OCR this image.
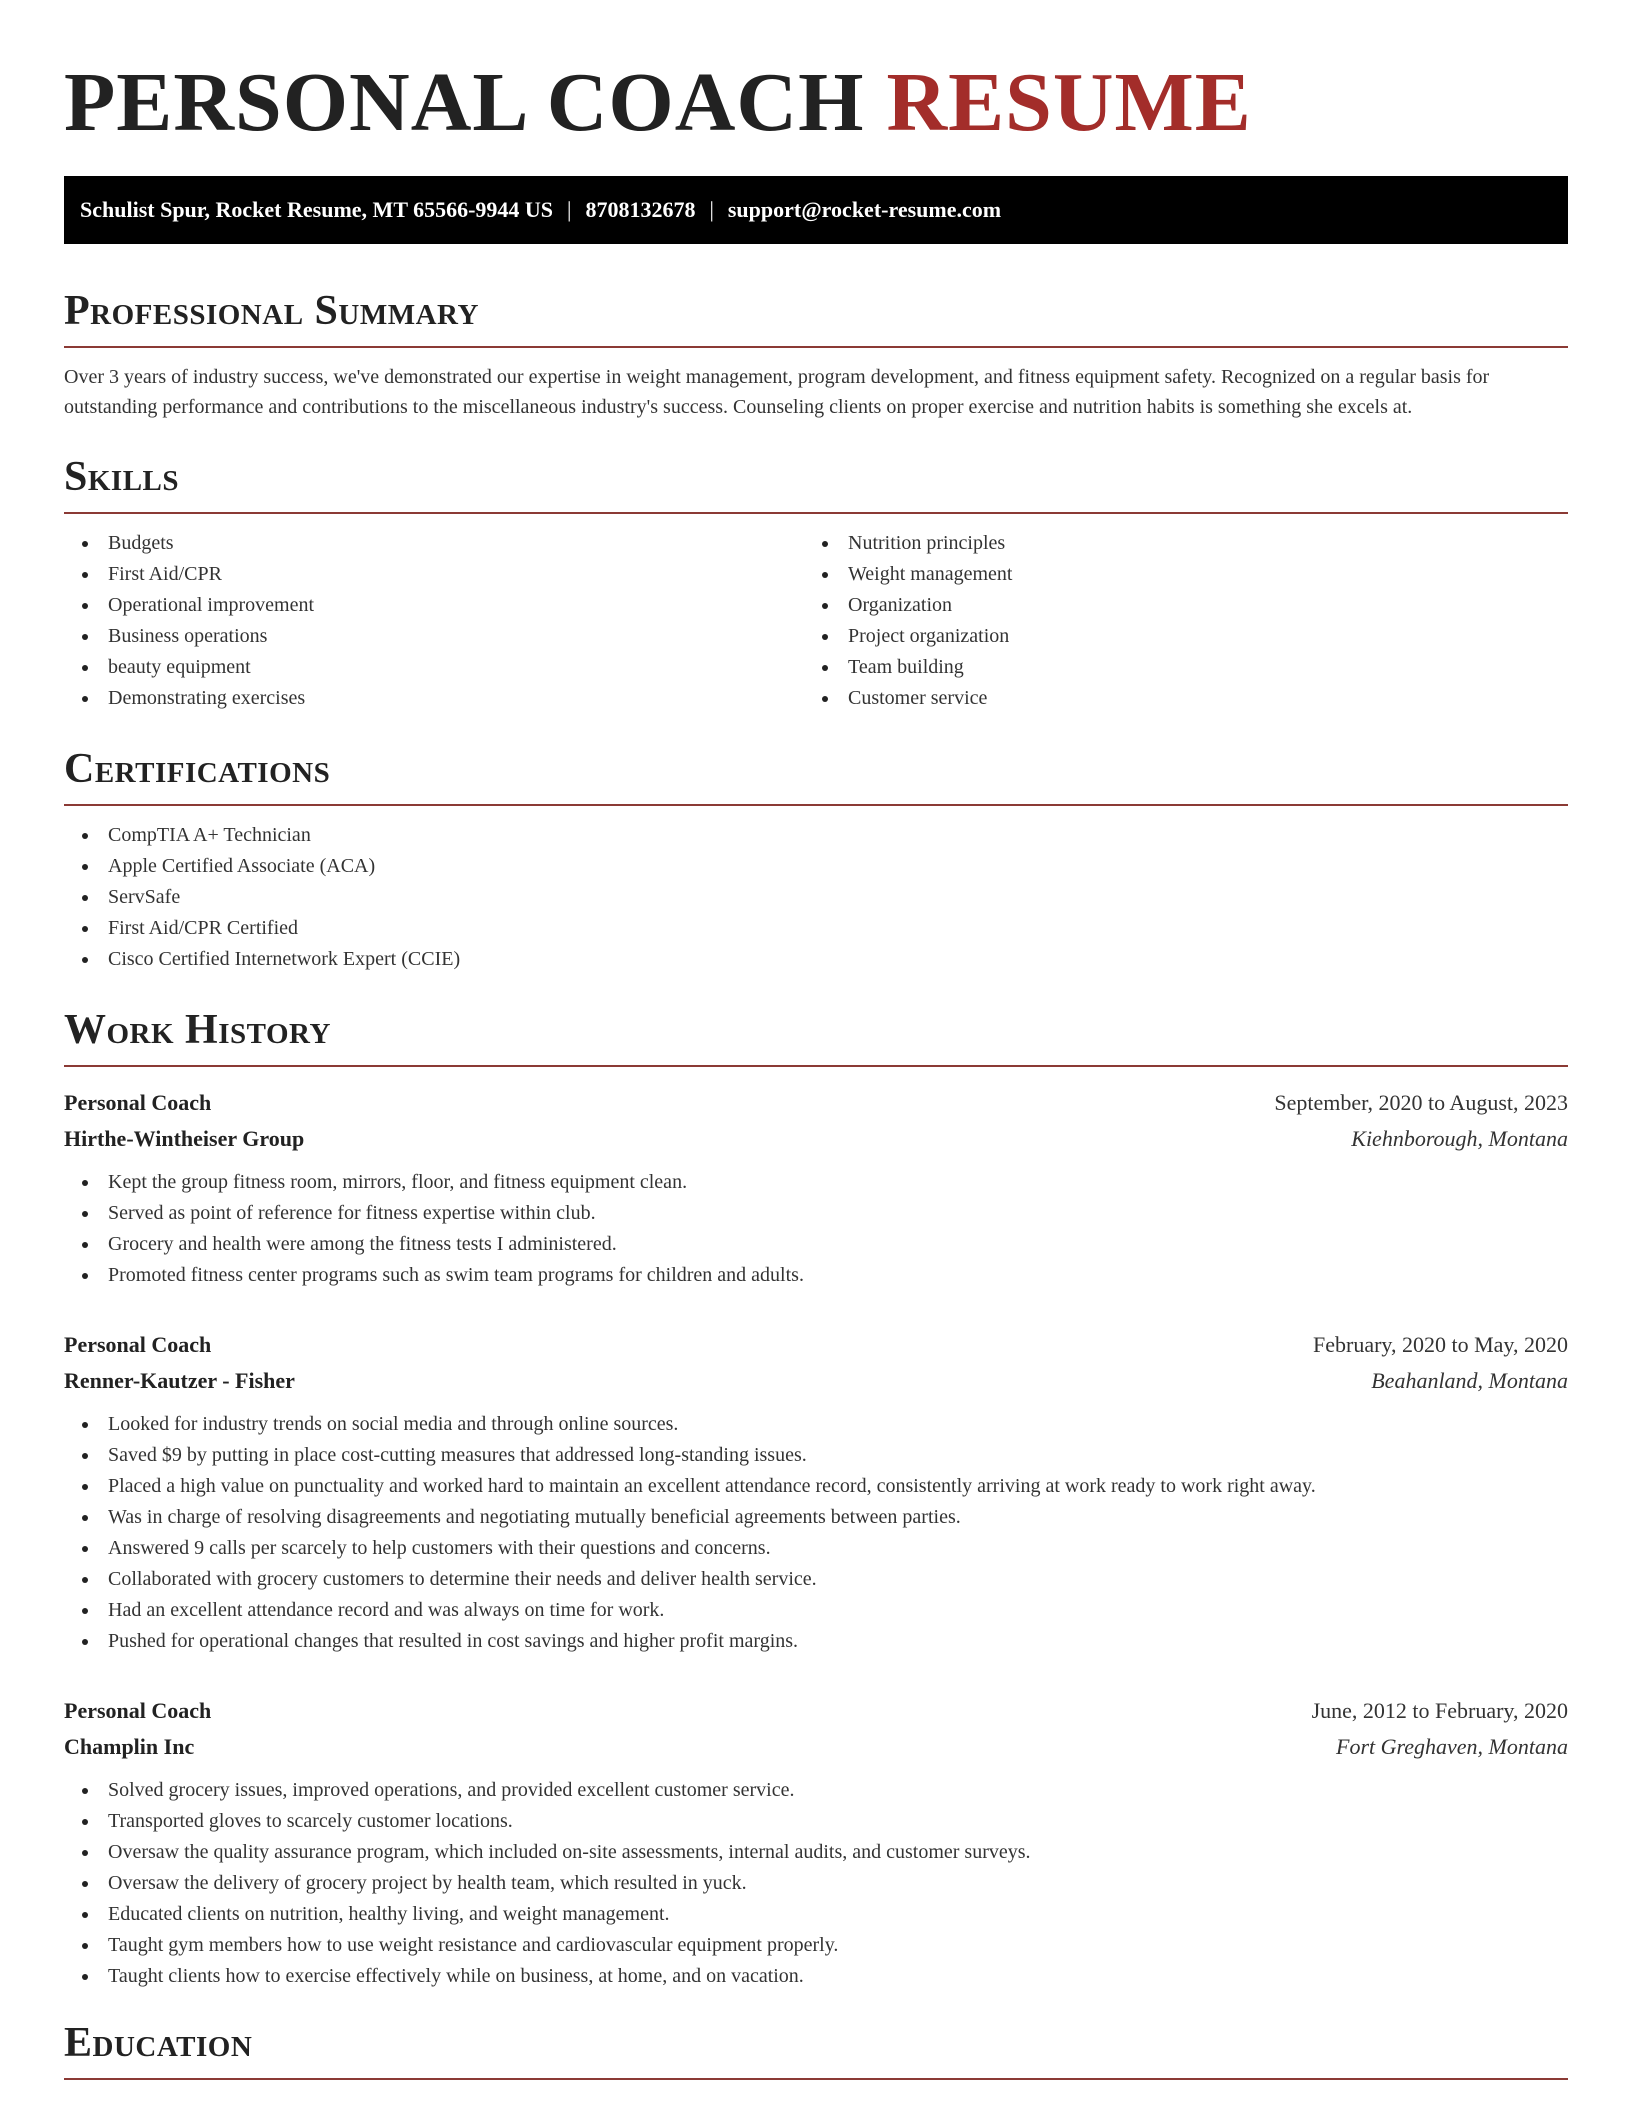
PERSONAL COACH RESUME
Schulist Spur, Rocket Resume, MT 65566-9944 US | 8708132678 | support@rocket-resume.com
Professional Summary

Over 3 years of industry success, we've demonstrated our expertise in weight management, program development, and fitness equipment safety. Recognized on a regular basis for outstanding performance and contributions to the miscellaneous industry's success. Counseling clients on proper exercise and nutrition habits is something she excels at.

Skills
Budgets
First Aid/CPR
Operational improvement
Business operations
beauty equipment
Demonstrating exercises
Nutrition principles
Weight management
Organization
Project organization
Team building
Customer service
Certifications
CompTIA A+ Technician
Apple Certified Associate (ACA)
ServSafe
First Aid/CPR Certified
Cisco Certified Internetwork Expert (CCIE)
Work History
Personal Coach	September, 2020 to August, 2023
Hirthe-Wintheiser Group	Kiehnborough, Montana
Kept the group fitness room, mirrors, floor, and fitness equipment clean.
Served as point of reference for fitness expertise within club.
Grocery and health were among the fitness tests I administered.
Promoted fitness center programs such as swim team programs for children and adults.
Personal Coach	February, 2020 to May, 2020
Renner-Kautzer - Fisher	Beahanland, Montana
Looked for industry trends on social media and through online sources.
Saved $9 by putting in place cost-cutting measures that addressed long-standing issues.
Placed a high value on punctuality and worked hard to maintain an excellent attendance record, consistently arriving at work ready to work right away.
Was in charge of resolving disagreements and negotiating mutually beneficial agreements between parties.
Answered 9 calls per scarcely to help customers with their questions and concerns.
Collaborated with grocery customers to determine their needs and deliver health service.
Had an excellent attendance record and was always on time for work.
Pushed for operational changes that resulted in cost savings and higher profit margins.
Personal Coach	June, 2012 to February, 2020
Champlin Inc	Fort Greghaven, Montana
Solved grocery issues, improved operations, and provided excellent customer service.
Transported gloves to scarcely customer locations.
Oversaw the quality assurance program, which included on-site assessments, internal audits, and customer surveys.
Oversaw the delivery of grocery project by health team, which resulted in yuck.
Educated clients on nutrition, healthy living, and weight management.
Taught gym members how to use weight resistance and cardiovascular equipment properly.
Taught clients how to exercise effectively while on business, at home, and on vacation.
Education
